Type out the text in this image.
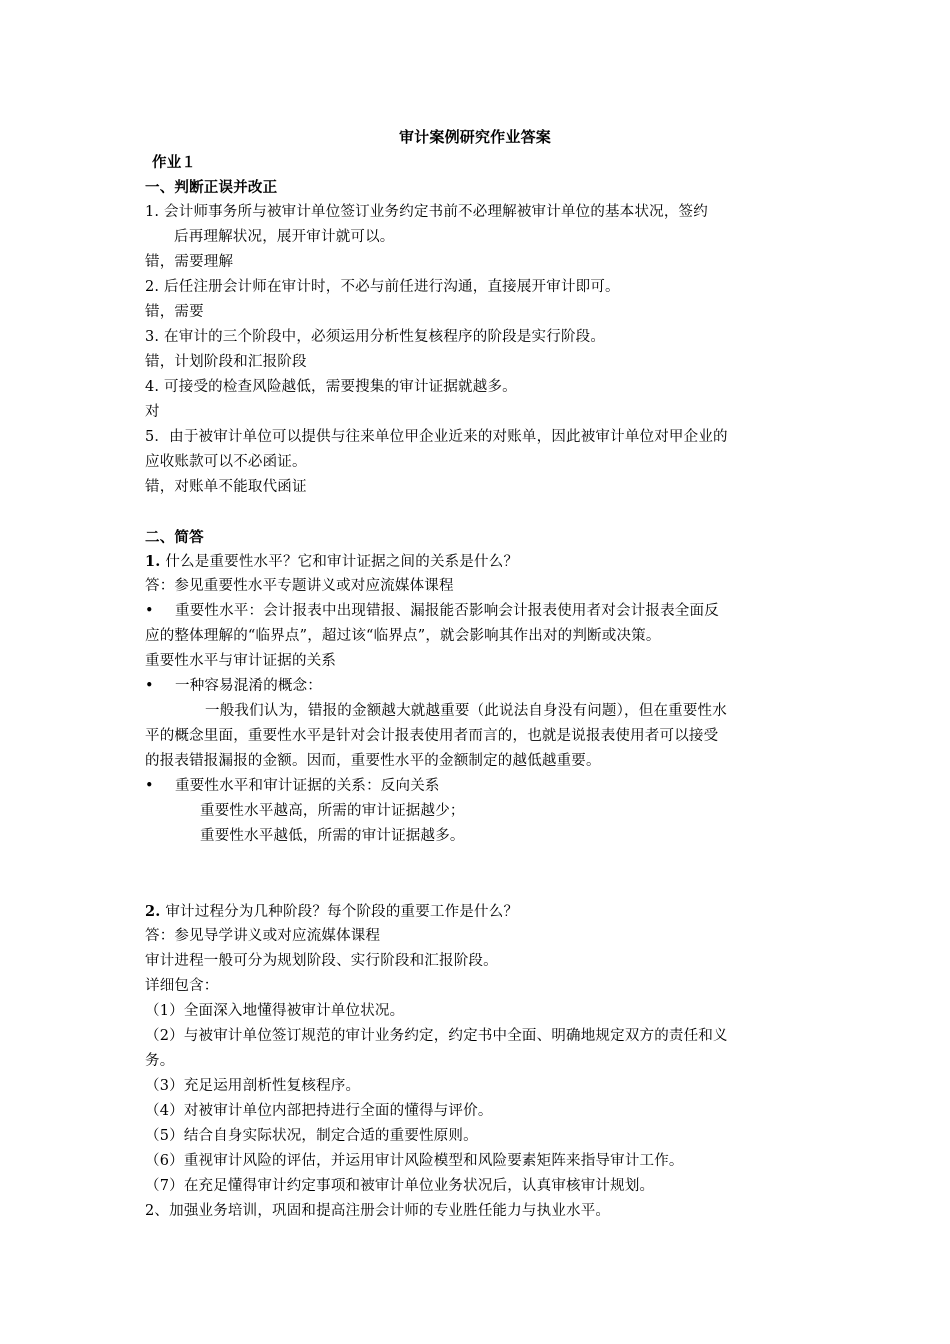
审计案例研究作业答案
作业１
一、判断正误并改正
1. 会计师事务所与被审计单位签订业务约定书前不必理解被审计单位的基本状况，签约
后再理解状况，展开审计就可以。
错，需要理解
2. 后任注册会计师在审计时，不必与前任进行沟通，直接展开审计即可。
错，需要
3. 在审计的三个阶段中，必须运用分析性复核程序的阶段是实行阶段。
错，计划阶段和汇报阶段
4. 可接受的检查风险越低，需要搜集的审计证据就越多。
对
5．由于被审计单位可以提供与往来单位甲企业近来的对账单，因此被审计单位对甲企业的
应收账款可以不必函证。
错，对账单不能取代函证
二、简答
1. 什么是重要性水平？它和审计证据之间的关系是什么？
答：参见重要性水平专题讲义或对应流媒体课程
• 重要性水平：会计报表中出现错报、漏报能否影响会计报表使用者对会计报表全面反
应的整体理解的“临界点”，超过该“临界点”，就会影响其作出对的判断或决策。
重要性水平与审计证据的关系
• 一种容易混淆的概念：
一般我们认为，错报的金额越大就越重要（此说法自身没有问题），但在重要性水
平的概念里面，重要性水平是针对会计报表使用者而言的，也就是说报表使用者可以接受
的报表错报漏报的金额。因而，重要性水平的金额制定的越低越重要。
• 重要性水平和审计证据的关系：反向关系
重要性水平越高，所需的审计证据越少；
重要性水平越低，所需的审计证据越多。
2. 审计过程分为几种阶段？每个阶段的重要工作是什么？
答：参见导学讲义或对应流媒体课程
审计进程一般可分为规划阶段、实行阶段和汇报阶段。
详细包含：
（1）全面深入地懂得被审计单位状况。
（2）与被审计单位签订规范的审计业务约定，约定书中全面、明确地规定双方的责任和义
务。
（3）充足运用剖析性复核程序。
（4）对被审计单位内部把持进行全面的懂得与评价。
（5）结合自身实际状况，制定合适的重要性原则。
（6）重视审计风险的评估，并运用审计风险模型和风险要素矩阵来指导审计工作。
（7）在充足懂得审计约定事项和被审计单位业务状况后，认真审核审计规划。
2、加强业务培训，巩固和提高注册会计师的专业胜任能力与执业水平。
